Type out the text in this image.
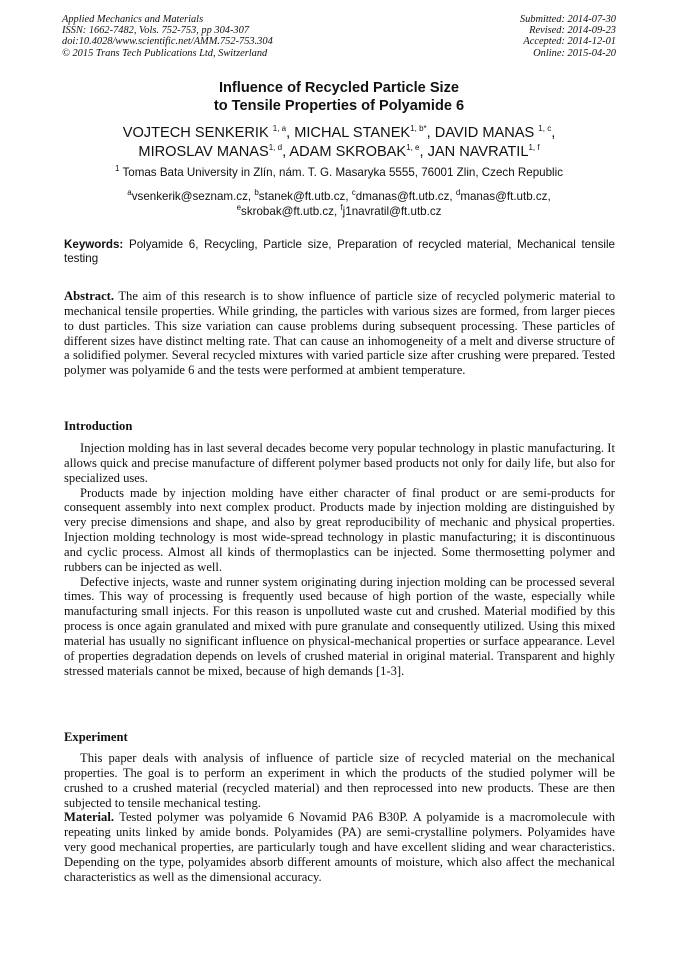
Applied Mechanics and Materials
ISSN: 1662-7482, Vols. 752-753, pp 304-307
doi:10.4028/www.scientific.net/AMM.752-753.304
© 2015 Trans Tech Publications Ltd, Switzerland
Submitted: 2014-07-30
Revised: 2014-09-23
Accepted: 2014-12-01
Online: 2015-04-20
Influence of Recycled Particle Size
to Tensile Properties of Polyamide 6
VOJTECH SENKERIK $^{1, a}$, MICHAL $STANEK^{1, b*}$, DAVID MANAS $^{1, c}$,
MIROSLAV MANAS$^{1, d}$, ADAM SKROBAK$^{1, e}$, JAN NAVRATIL$^{1, f}$
$^1$ Tomas Bata University in Zlín, nám. T. G. Masaryka 5555, 76001 Zlin, Czech Republic
$^a$vsenkerik@seznam.cz, $^b$stanek@ft.utb.cz, $^c$dmanas@ft.utb.cz, $^d$manas@ft.utb.cz,
$^e$skrobak@ft.utb.cz, $^f$j1navratil@ft.utb.cz
Keywords: Polyamide 6, Recycling, Particle size, Preparation of recycled material, Mechanical tensile testing

Abstract. The aim of this research is to show influence of particle size of recycled polymeric material to mechanical tensile properties. While grinding, the particles with various sizes are formed, from larger pieces to dust particles. This size variation can cause problems during subsequent processing. These particles of different sizes have distinct melting rate. That can cause an inhomogeneity of a melt and diverse structure of a solidified polymer. Several recycled mixtures with varied particle size after crushing were prepared. Tested polymer was polyamide 6 and the tests were performed at ambient temperature.

Introduction

Injection molding has in last several decades become very popular technology in plastic manufacturing. It allows quick and precise manufacture of different polymer based products not only for daily life, but also for specialized uses.

Products made by injection molding have either character of final product or are semi-products for consequent assembly into next complex product. Products made by injection molding are distinguished by very precise dimensions and shape, and also by great reproducibility of mechanic and physical properties. Injection molding technology is most wide-spread technology in plastic manufacturing; it is discontinuous and cyclic process. Almost all kinds of thermoplastics can be injected. Some thermosetting polymer and rubbers can be injected as well.

Defective injects, waste and runner system originating during injection molding can be processed several times. This way of processing is frequently used because of high portion of the waste, especially while manufacturing small injects. For this reason is unpolluted waste cut and crushed. Material modified by this process is once again granulated and mixed with pure granulate and consequently utilized. Using this mixed material has usually no significant influence on physical-mechanical properties or surface appearance. Level of properties degradation depends on levels of crushed material in original material. Transparent and highly stressed materials cannot be mixed, because of high demands [1-3].

Experiment

This paper deals with analysis of influence of particle size of recycled material on the mechanical properties. The goal is to perform an experiment in which the products of the studied polymer will be crushed to a crushed material (recycled material) and then reprocessed into new products. These are then subjected to tensile mechanical testing.

Material. Tested polymer was polyamide 6 Novamid PA6 B30P. A polyamide is a macromolecule with repeating units linked by amide bonds. Polyamides (PA) are semi-crystalline polymers. Polyamides have very good mechanical properties, are particularly tough and have excellent sliding and wear characteristics. Depending on the type, polyamides absorb different amounts of moisture, which also affect the mechanical characteristics as well as the dimensional accuracy.
